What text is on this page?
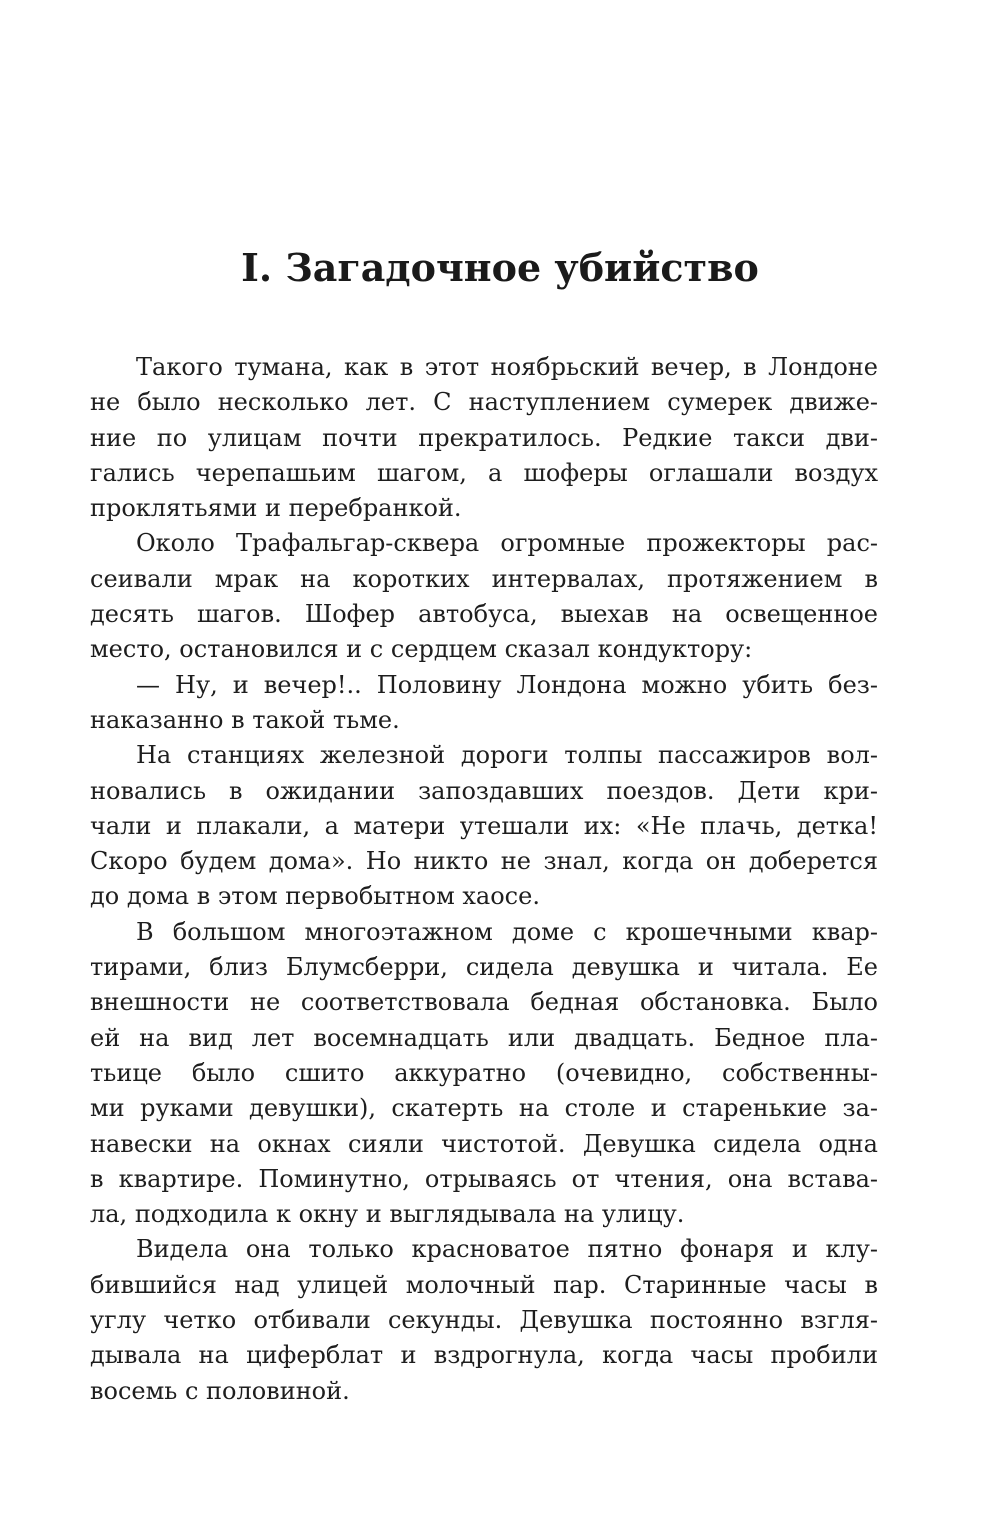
I. Загадочное убийство
Такого тумана, как в этот ноябрьский вечер, в Лондоне
не было несколько лет. С наступлением сумерек движе-
ние по улицам почти прекратилось. Редкие такси дви-
гались черепашьим шагом, а шоферы оглашали воздух
проклятьями и перебранкой.
Около Трафальгар-сквера огромные прожекторы рас-
сеивали мрак на коротких интервалах, протяжением в
десять шагов. Шофер автобуса, выехав на освещенное
место, остановился и с сердцем сказал кондуктору:
— Ну, и вечер!.. Половину Лондона можно убить без-
наказанно в такой тьме.
На станциях железной дороги толпы пассажиров вол-
новались в ожидании запоздавших поездов. Дети кри-
чали и плакали, а матери утешали их: «Не плачь, детка!
Скоро будем дома». Но никто не знал, когда он доберется
до дома в этом первобытном хаосе.
В большом многоэтажном доме с крошечными квар-
тирами, близ Блумсберри, сидела девушка и читала. Ее
внешности не соответствовала бедная обстановка. Было
ей на вид лет восемнадцать или двадцать. Бедное пла-
тьице было сшито аккуратно (очевидно, собственны-
ми руками девушки), скатерть на столе и старенькие за-
навески на окнах сияли чистотой. Девушка сидела одна
в квартире. Поминутно, отрываясь от чтения, она встава-
ла, подходила к окну и выглядывала на улицу.
Видела она только красноватое пятно фонаря и клу-
бившийся над улицей молочный пар. Старинные часы в
углу четко отбивали секунды. Девушка постоянно взгля-
дывала на циферблат и вздрогнула, когда часы пробили
восемь с половиной.
